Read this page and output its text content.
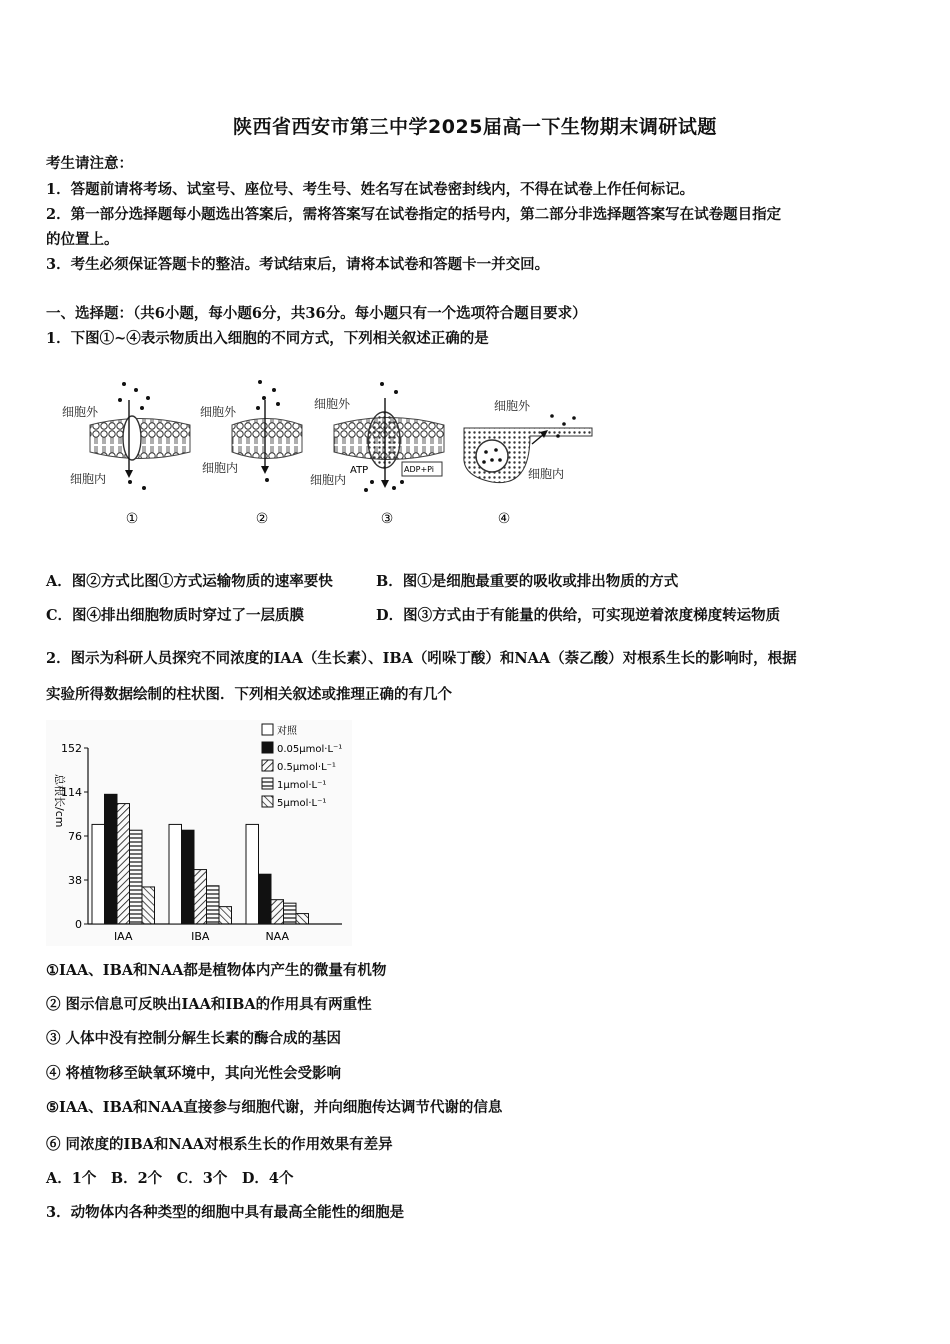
陕西省西安市第三中学2025届高一下生物期末调研试题
考生请注意：
1．答题前请将考场、试室号、座位号、考生号、姓名写在试卷密封线内，不得在试卷上作任何标记。
2．第一部分选择题每小题选出答案后，需将答案写在试卷指定的括号内，第二部分非选择题答案写在试卷题目指定
的位置上。
3．考生必须保证答题卡的整洁。考试结束后，请将本试卷和答题卡一并交回。
一、选择题：（共6小题，每小题6分，共36分。每小题只有一个选项符合题目要求）
1．下图①~④表示物质出入细胞的不同方式，下列相关叙述正确的是
细胞外
细胞内
①
细胞外
细胞内
②
细胞外
细胞内
ATP	ADP+Pi
③
细胞外
细胞内
④
A．图②方式比图①方式运输物质的速率要快	B．图①是细胞最重要的吸收或排出物质的方式
C．图④排出细胞物质时穿过了一层质膜	D．图③方式由于有能量的供给，可实现逆着浓度梯度转运物质
2．图示为科研人员探究不同浓度的IAA（生长素）、IBA（吲哚丁酸）和NAA（萘乙酸）对根系生长的影响时，根据
实验所得数据绘制的柱状图．下列相关叙述或推理正确的有几个
总根长/cm
0
38
76
114
152
IAA	IBA	NAA
对照
0.05μmol·L⁻¹
0.5μmol·L⁻¹
1μmol·L⁻¹
5μmol·L⁻¹
①IAA、IBA和NAA都是植物体内产生的微量有机物
② 图示信息可反映出IAA和IBA的作用具有两重性
③ 人体中没有控制分解生长素的酶合成的基因
④ 将植物移至缺氧环境中，其向光性会受影响
⑤IAA、IBA和NAA直接参与细胞代谢，并向细胞传达调节代谢的信息
⑥ 同浓度的IBA和NAA对根系生长的作用效果有差异
A．1个　B．2个　C．3个　D．4个
3．动物体内各种类型的细胞中具有最高全能性的细胞是
